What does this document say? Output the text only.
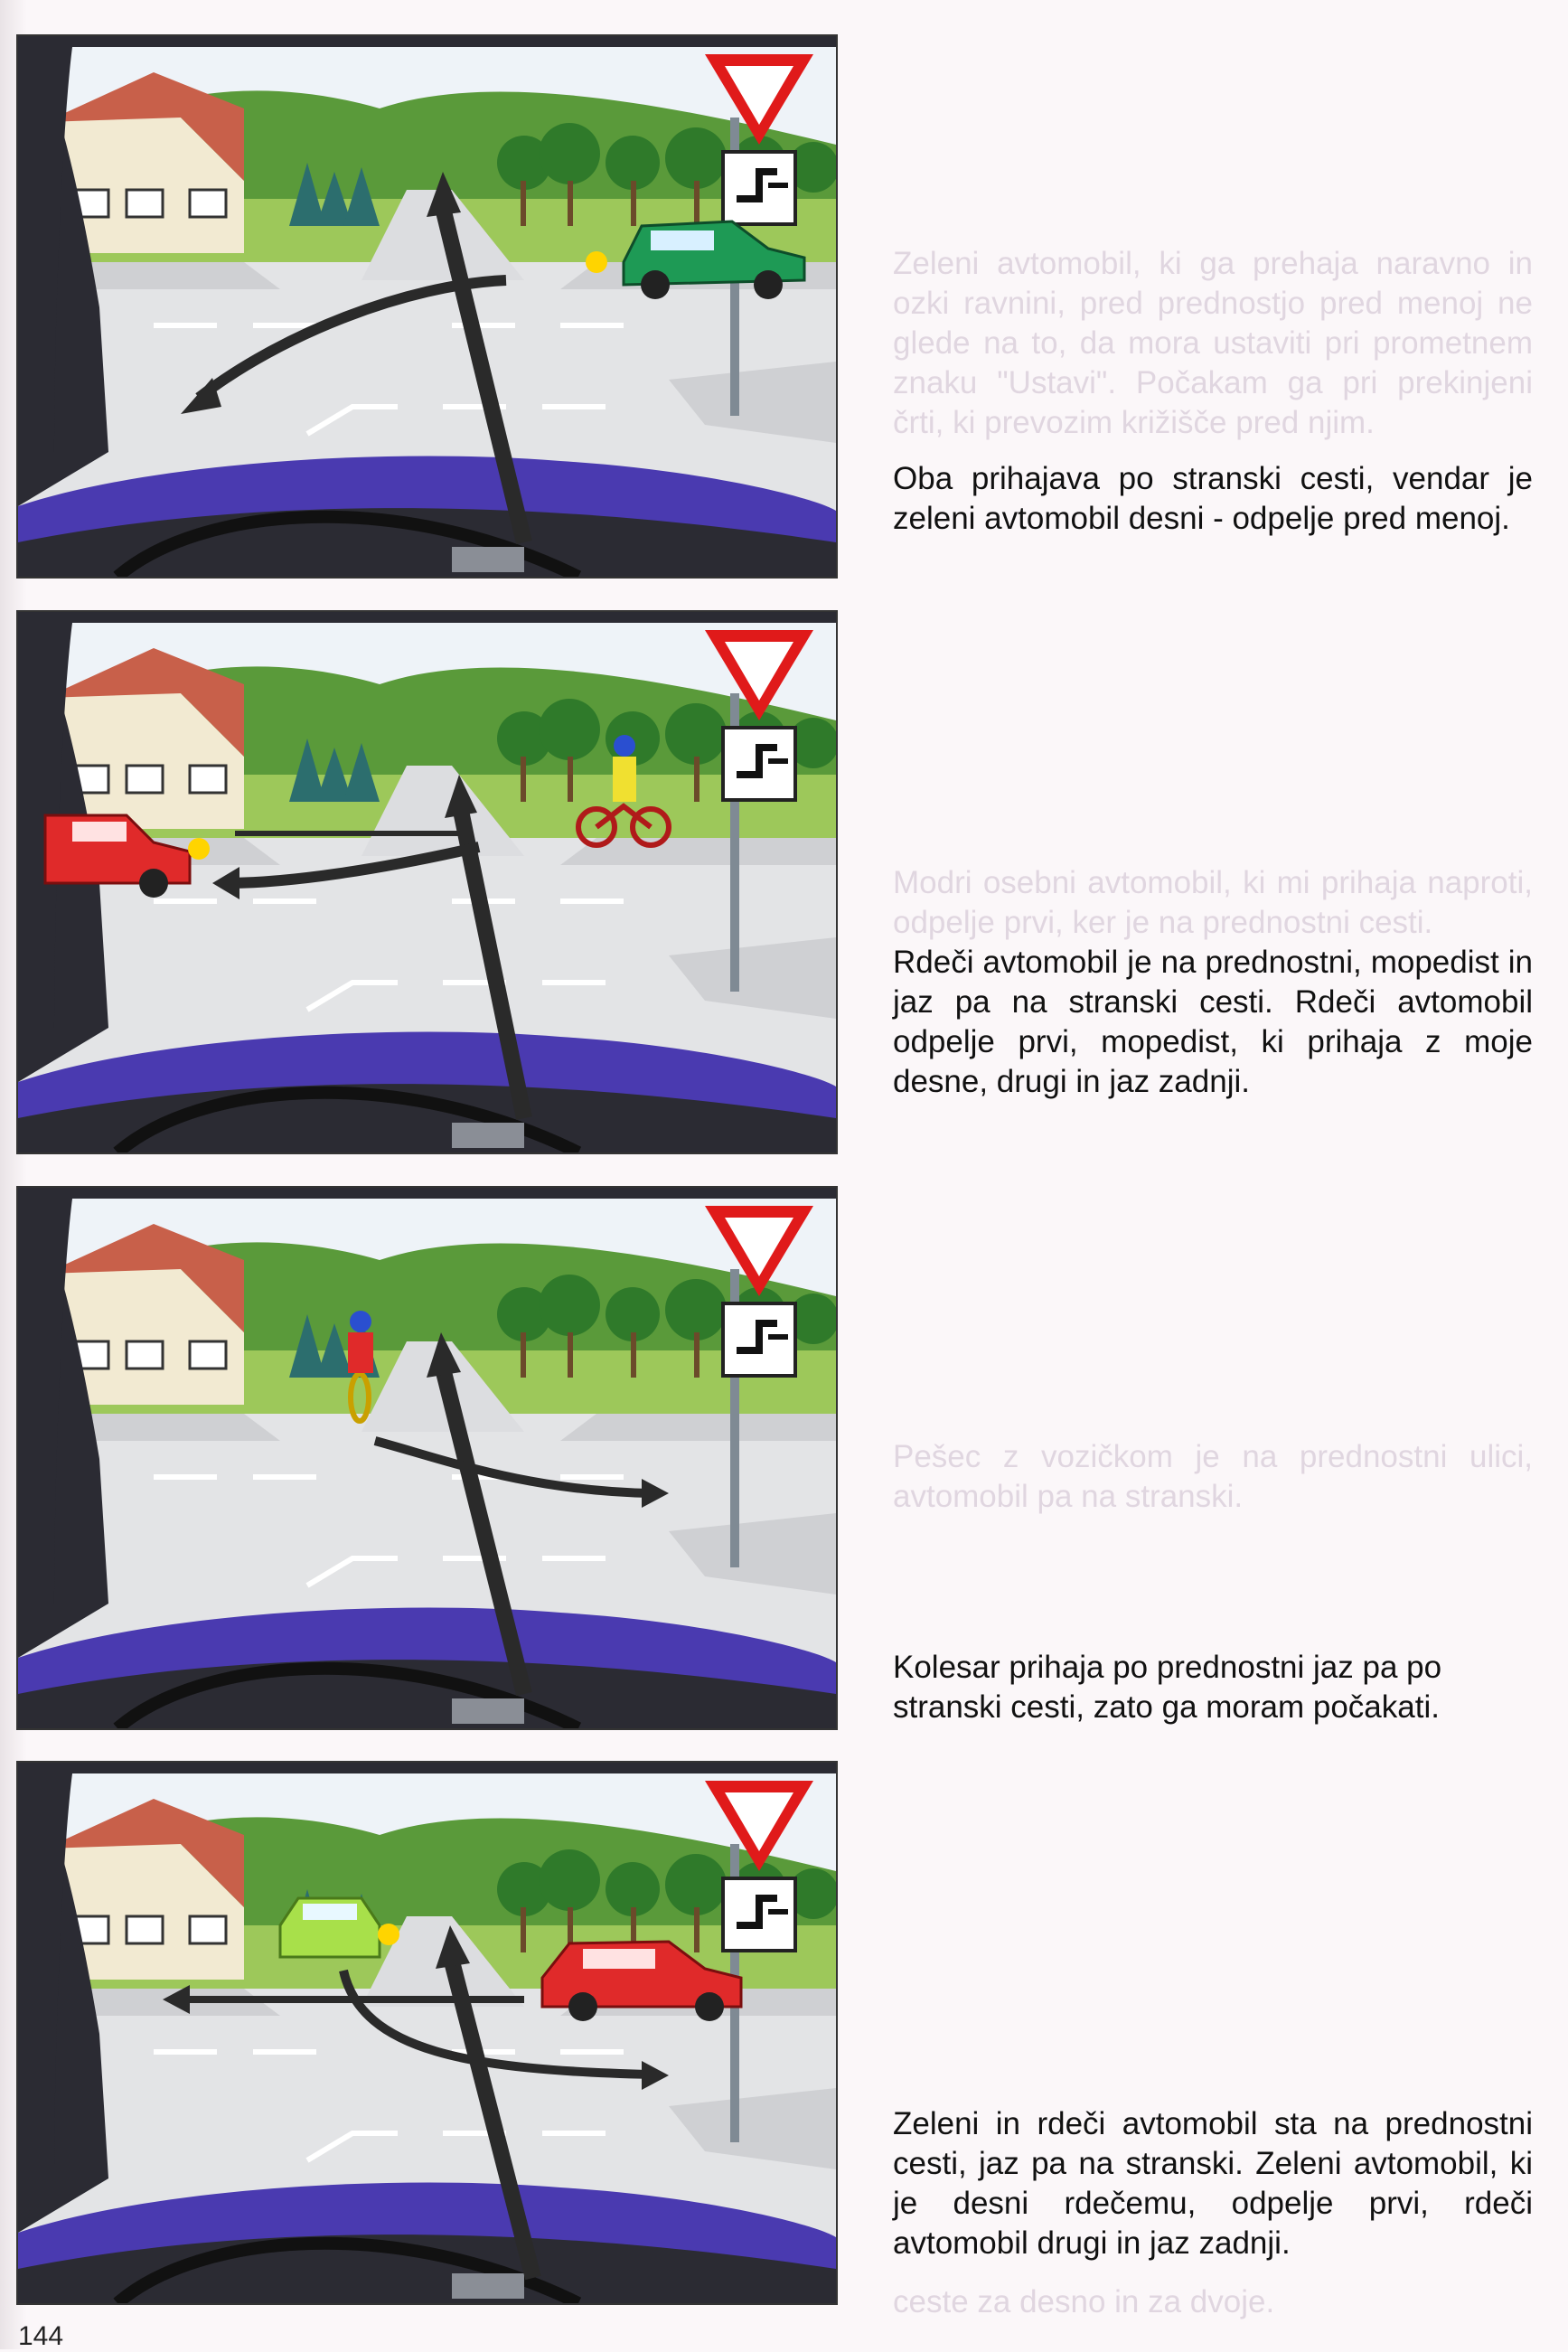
Zeleni avtomobil, ki ga prehaja naravno in ozki ravnini, pred prednostjo pred menoj ne glede na to, da mora ustaviti pri prometnem znaku "Ustavi". Počakam ga pri prekinjeni črti, ki prevozim križišče pred njim.

Modri osebni avtomobil, ki mi prihaja naproti, odpelje prvi, ker je na prednostni cesti.

Pešec z vozičkom je na prednostni ulici, avtomobil pa na stranski.

ceste za desno in za dvoje.

Oba prihajava po stranski cesti, vendar je zeleni avtomobil desni - odpelje pred menoj.

Rdeči avtomobil je na prednostni, mopedist in jaz pa na stranski cesti. Rdeči avtomobil odpelje prvi, mopedist, ki prihaja z moje desne, drugi in jaz zadnji.

Kolesar prihaja po prednostni jaz pa po stranski cesti, zato ga moram počakati.

Zeleni in rdeči avtomobil sta na prednostni cesti, jaz pa na stranski. Zeleni avtomobil, ki je desni rdečemu, odpelje prvi, rdeči avtomobil drugi in jaz zadnji.

144
